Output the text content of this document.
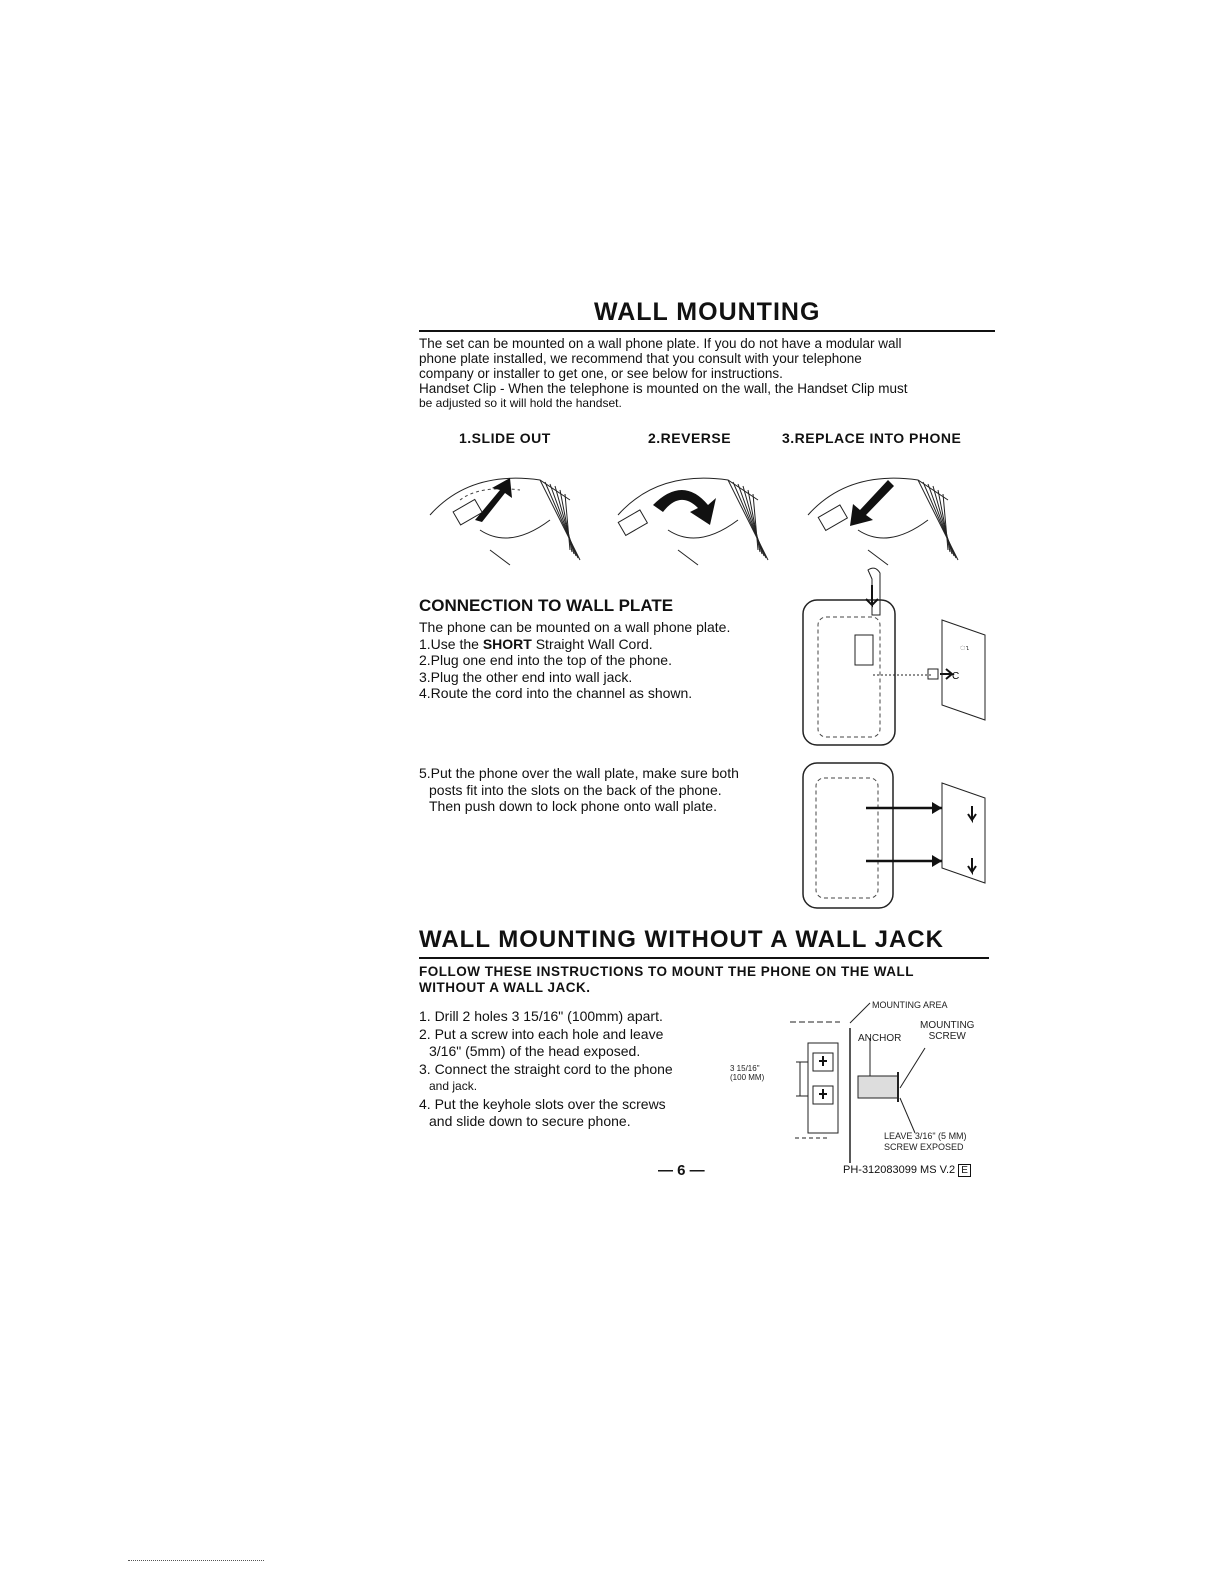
WALL MOUNTING
The set can be mounted on a wall phone plate. If you do not have a modular wall
phone plate installed, we recommend that you consult with your telephone
company or installer to get one, or see below for instructions.
Handset Clip - When the telephone is mounted on the wall, the Handset Clip must
be adjusted so it will hold the handset.
1.SLIDE OUT	2.REVERSE	3.REPLACE INTO PHONE
CONNECTION TO WALL PLATE
The phone can be mounted on a wall phone plate.
1.Use the SHORT Straight Wall Cord.
2.Plug one end into the top of the phone.
3.Plug the other end into wall jack.
4.Route the cord into the channel as shown.
C
ၤ
5.Put the phone over the wall plate, make sure both
posts fit into the slots on the back of the phone.
Then push down to lock phone onto wall plate.
WALL MOUNTING WITHOUT A WALL JACK
FOLLOW THESE INSTRUCTIONS TO MOUNT THE PHONE ON THE WALL
WITHOUT A WALL JACK.
1. Drill 2 holes 3 15/16" (100mm) apart.
2. Put a screw into each hole and leave
3/16" (5mm) of the head exposed.
3. Connect the straight cord to the phone
and jack.
4. Put the keyhole slots over the screws
and slide down to secure phone.
MOUNTING AREA
MOUNTING
SCREW
ANCHOR
3 15/16"
(100 MM)
LEAVE 3/16" (5 MM)
SCREW EXPOSED
— 6 —	PH-312083099 MS V.2 E
